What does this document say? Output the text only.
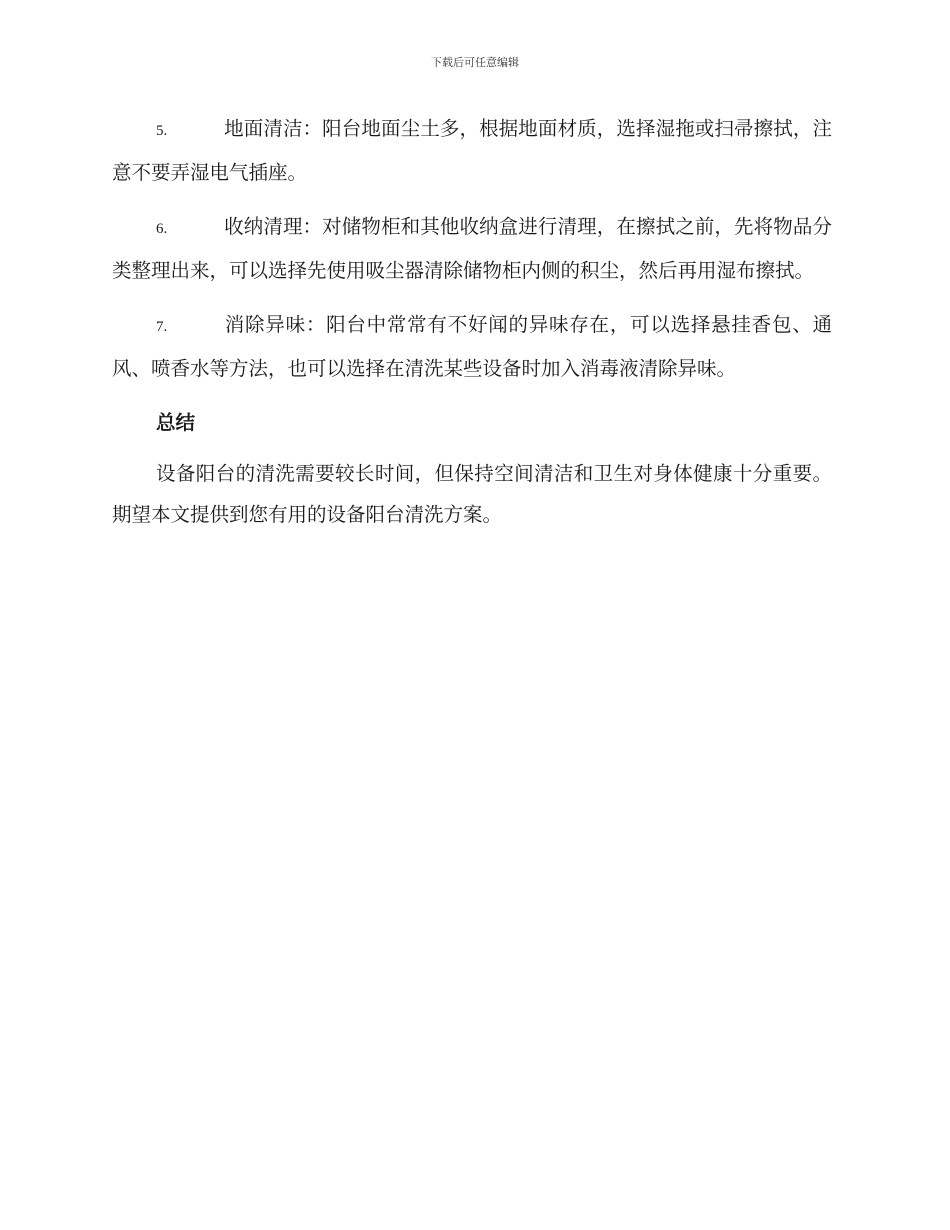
下载后可任意编辑

5.	地面清洁：阳台地面尘土多，根据地面材质，选择湿拖或扫帚擦拭，注意不要弄湿电气插座。

6.	收纳清理：对储物柜和其他收纳盒进行清理，在擦拭之前，先将物品分类整理出来，可以选择先使用吸尘器清除储物柜内侧的积尘，然后再用湿布擦拭。

7.	消除异味：阳台中常常有不好闻的异味存在，可以选择悬挂香包、通风、喷香水等方法，也可以选择在清洗某些设备时加入消毒液清除异味。

总结

设备阳台的清洗需要较长时间，但保持空间清洁和卫生对身体健康十分重要。期望本文提供到您有用的设备阳台清洗方案。
